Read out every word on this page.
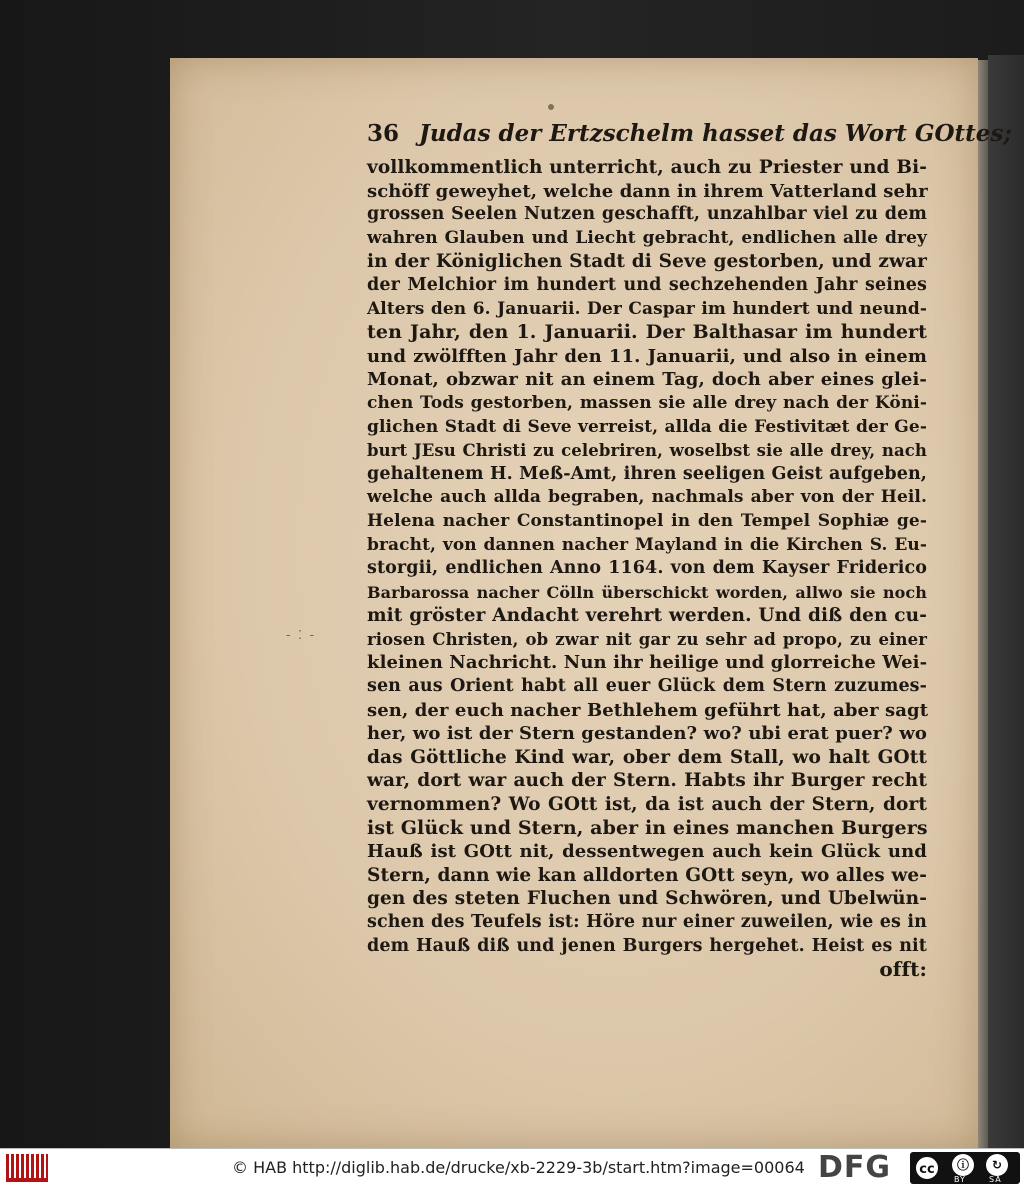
36 Judas der Ertzschelm hasset das Wort GOttes;
‐ ⁚ ‐
vollkommentlich unterricht, auch zu Priester und Bi-
schöff geweyhet, welche dann in ihrem Vatterland sehr
grossen Seelen Nutzen geschafft, unzahlbar viel zu dem
wahren Glauben und Liecht gebracht, endlichen alle drey
in der Königlichen Stadt di Seve gestorben, und zwar
der Melchior im hundert und sechzehenden Jahr seines
Alters den 6. Januarii. Der Caspar im hundert und neund-
ten Jahr, den 1. Januarii. Der Balthasar im hundert
und zwölfften Jahr den 11. Januarii, und also in einem
Monat, obzwar nit an einem Tag, doch aber eines glei-
chen Tods gestorben, massen sie alle drey nach der Köni-
glichen Stadt di Seve verreist, allda die Festivitæt der Ge-
burt JEsu Christi zu celebriren, woselbst sie alle drey, nach
gehaltenem H. Meß-Amt, ihren seeligen Geist aufgeben,
welche auch allda begraben, nachmals aber von der Heil.
Helena nacher Constantinopel in den Tempel Sophiæ ge-
bracht, von dannen nacher Mayland in die Kirchen S. Eu-
storgii, endlichen Anno 1164. von dem Kayser Friderico
Barbarossa nacher Cölln überschickt worden, allwo sie noch
mit gröster Andacht verehrt werden. Und diß den cu-
riosen Christen, ob zwar nit gar zu sehr ad propo, zu einer
kleinen Nachricht. Nun ihr heilige und glorreiche Wei-
sen aus Orient habt all euer Glück dem Stern zuzumes-
sen, der euch nacher Bethlehem geführt hat, aber sagt
her, wo ist der Stern gestanden? wo? ubi erat puer? wo
das Göttliche Kind war, ober dem Stall, wo halt GOtt
war, dort war auch der Stern. Habts ihr Burger recht
vernommen? Wo GOtt ist, da ist auch der Stern, dort
ist Glück und Stern, aber in eines manchen Burgers
Hauß ist GOtt nit, dessentwegen auch kein Glück und
Stern, dann wie kan alldorten GOtt seyn, wo alles we-
gen des steten Fluchen und Schwören, und Ubelwün-
schen des Teufels ist: Höre nur einer zuweilen, wie es in
dem Hauß diß und jenen Burgers hergehet. Heist es nit
offt:
© HAB http://diglib.hab.de/drucke/xb-2229-3b/start.htm?image=00064 DFG	cc	ⓘ	↻
BY	SA
